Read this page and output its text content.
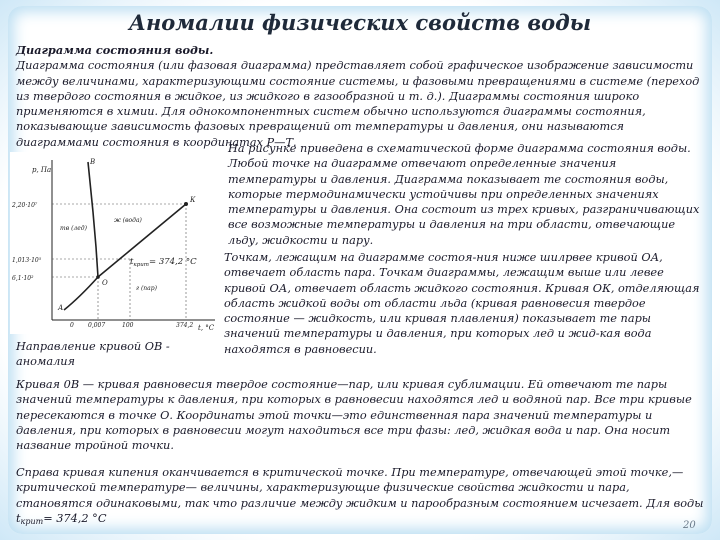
Аномалии физических свойств воды
Диаграмма состояния воды.
Диаграмма состояния (или фазовая диаграмма) представляет собой графическое изображение зависимости между величинами, характеризующими состояние системы, и фазовыми превращениями в системе (переход из твердого состояния в жидкое, из жидкого в газообразной и т. д.). Диаграммы состояния широко применяются в химии. Для однокомпонентных систем обычно используются диаграммы состояния, показывающие зависимость фазовых превращений от температуры и давления, они называются диаграммами состояния в координатах Р—Т.
р, Па
t, °С
2,20·10⁷
1,013·10⁵
6,1·10²
0 0,007	100	374,2
В
К
О
А
тв (лед)
ж (вода)
г (пар)
$t_{крит}= 374,2$ °С
На рисунке приведена в схематической форме диаграмма состояния воды. Любой точке на диаграмме отвечают определенные значения температуры и давления. Диаграмма показывает те состояния воды, которые термодинамически устойчивы при определенных значениях температуры и давления. Она состоит из трех кривых, разграничивающих все возможные температуры и давления на три области, отвечающие льду, жидкости и пару.
Точкам, лежащим на диаграмме состоя-ния ниже шилрвее кривой ОА, отвечает область пара. Точкам диаграммы, лежащим выше или левее кривой ОА, отвечает область жидкого состояния. Кривая ОК, отделяющая область жидкой воды от области льда (кривая равновесия твердое состояние — жидкость, или кривая плавления) показывает те пары значений температуры и давления, при которых лед и жид-кая вода находятся в равновесии.
Направление кривой ОВ - аномалия
Кривая 0В — кривая равновесия твердое состояние—пар, или кривая сублимации. Ей отвечают те пары значений температуры к давления, при которых в равновесии находятся лед и водяной пар. Все три кривые пересекаются в точке О. Координаты этой точки—это единственная пара значений температуры и давления, при которых в равновесии могут находиться все три фазы: лед, жидкая вода и пар. Она носит название тройной точки.
Справа кривая кипения оканчивается в критической точке. При температуре, отвечающей этой точке,— критической температуре— величины, характеризующие физические свойства жидкости и пара, становятся одинаковыми, так что различие между жидким и парообразным состоянием исчезает. Для воды $t_{крит}= 374,2$ °С
20
